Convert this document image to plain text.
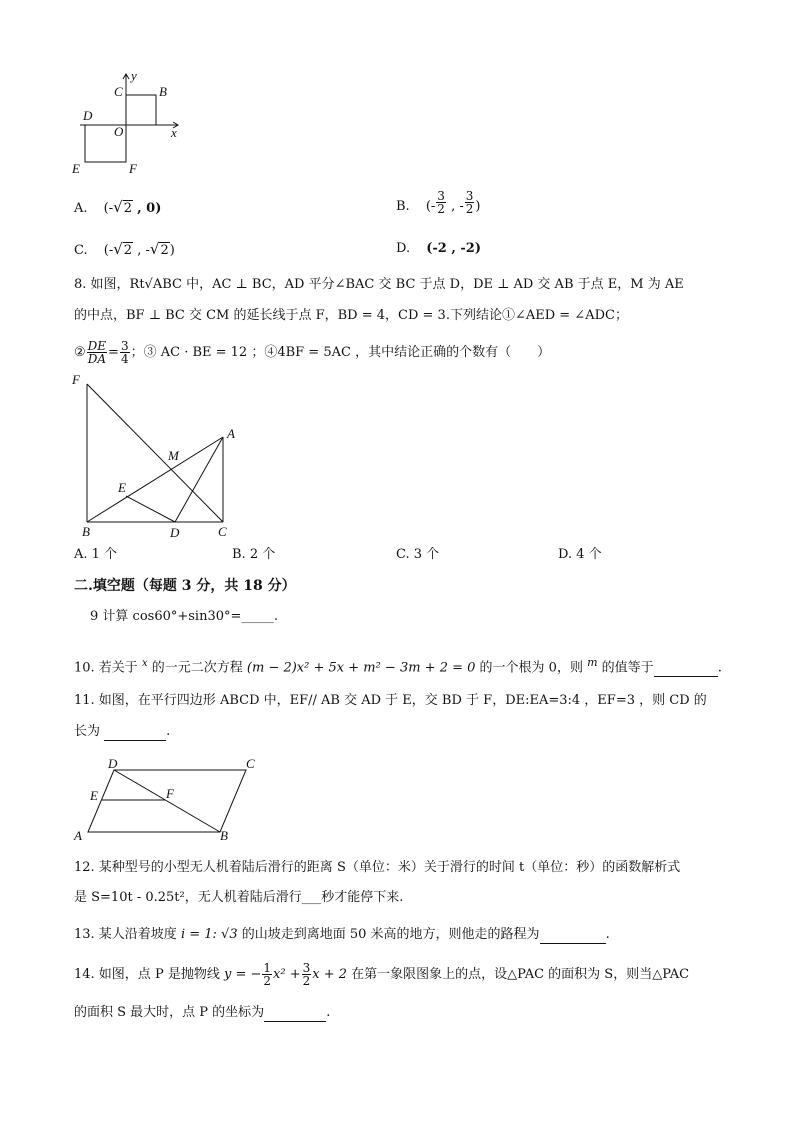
y
x
C	B
D
O
E	F
A. (-√2 , 0)	B. (- $\frac{3}{2}$ , - $\frac{3}{2}$ )
C. (-√2 , -√2)	D. (-2 , -2)
8. 如图，Rt√ABC 中，AC ⊥ BC，AD 平分∠BAC 交 BC 于点 D，DE ⊥ AD 交 AB 于点 E，M 为 AE
的中点，BF ⊥ BC 交 CM 的延长线于点 F，BD = 4，CD = 3.下列结论①∠AED = ∠ADC；
② $\frac{DE}{DA} = \frac{3}{4}$ ；③ AC · BE = 12 ；④4BF = 5AC ，其中结论正确的个数有（　　）
F
A
M
E
B	D	C
A. 1 个	B. 2 个	C. 3 个	D. 4 个
二.填空题（每题 3 分，共 18 分）
9 计算 cos60°+sin30°=_____.
10. 若关于 $^x$ 的一元二次方程 (m − 2)x² + 5x + m² − 3m + 2 = 0 的一个根为 0，则 $^m$ 的值等于	.
11. 如图，在平行四边形 ABCD 中，EF// AB 交 AD 于 E，交 BD 于 F，DE:EA=3:4 ，EF=3 ，则 CD 的
长为	.
D	C
E	F
A	B
12. 某种型号的小型无人机着陆后滑行的距离 S（单位：米）关于滑行的时间 t（单位：秒）的函数解析式
是 S=10t - 0.25t²，无人机着陆后滑行___秒才能停下来.
13. 某人沿着坡度 i = 1: √3 的山坡走到离地面 50 米高的地方，则他走的路程为	.
14. 如图，点 P 是抛物线 y = − $\frac{1}{2} x^2 + \frac{3}{2}$ x + 2 在第一象限图象上的点，设△PAC 的面积为 S，则当△PAC
的面积 S 最大时，点 P 的坐标为	.
